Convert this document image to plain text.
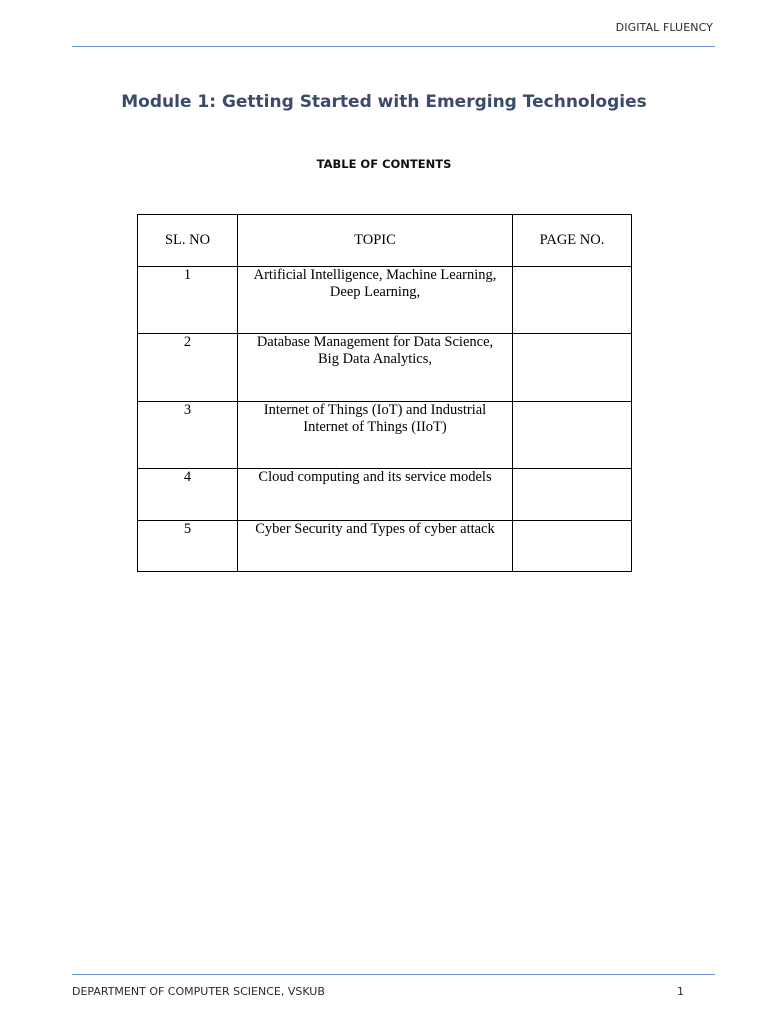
DIGITAL FLUENCY
Module 1: Getting Started with Emerging Technologies
TABLE OF CONTENTS
SL. NO	TOPIC	PAGE NO.
1	Artificial Intelligence, Machine Learning,
Deep Learning,	

2	Database Management for Data Science,
Big Data Analytics,	

3	Internet of Things (IoT) and Industrial
Internet of Things (IIoT)	

4	Cloud computing and its service models	
5	Cyber Security and Types of cyber attack	
DEPARTMENT OF COMPUTER SCIENCE, VSKUB	1
